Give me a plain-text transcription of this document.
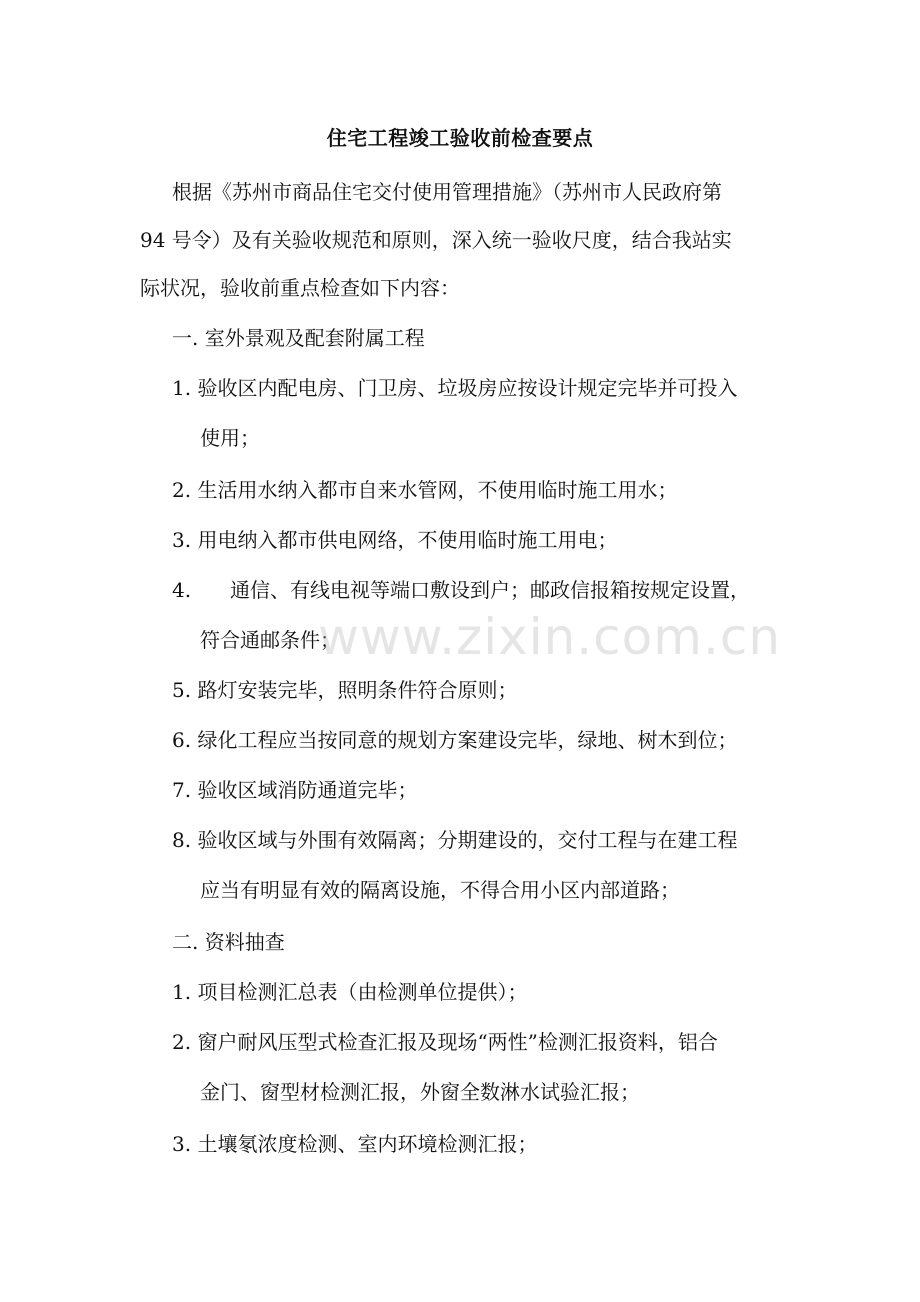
住宅工程竣工验收前检查要点
根据《苏州市商品住宅交付使用管理措施》（苏州市人民政府第
94 号令）及有关验收规范和原则，深入统一验收尺度，结合我站实
际状况，验收前重点检查如下内容：
一. 室外景观及配套附属工程
1. 验收区内配电房、门卫房、垃圾房应按设计规定完毕并可投入
使用；
2. 生活用水纳入都市自来水管网，不使用临时施工用水；
3. 用电纳入都市供电网络，不使用临时施工用电；
4. 通信、有线电视等端口敷设到户；邮政信报箱按规定设置，
符合通邮条件；
5. 路灯安装完毕，照明条件符合原则；
6. 绿化工程应当按同意的规划方案建设完毕，绿地、树木到位；
7. 验收区域消防通道完毕；
8. 验收区域与外围有效隔离；分期建设的，交付工程与在建工程
应当有明显有效的隔离设施，不得合用小区内部道路；
二. 资料抽查
1. 项目检测汇总表（由检测单位提供）；
2. 窗户耐风压型式检查汇报及现场“两性”检测汇报资料，铝合
金门、窗型材检测汇报，外窗全数淋水试验汇报；
3. 土壤氡浓度检测、室内环境检测汇报；
www.zixin.com.cn
